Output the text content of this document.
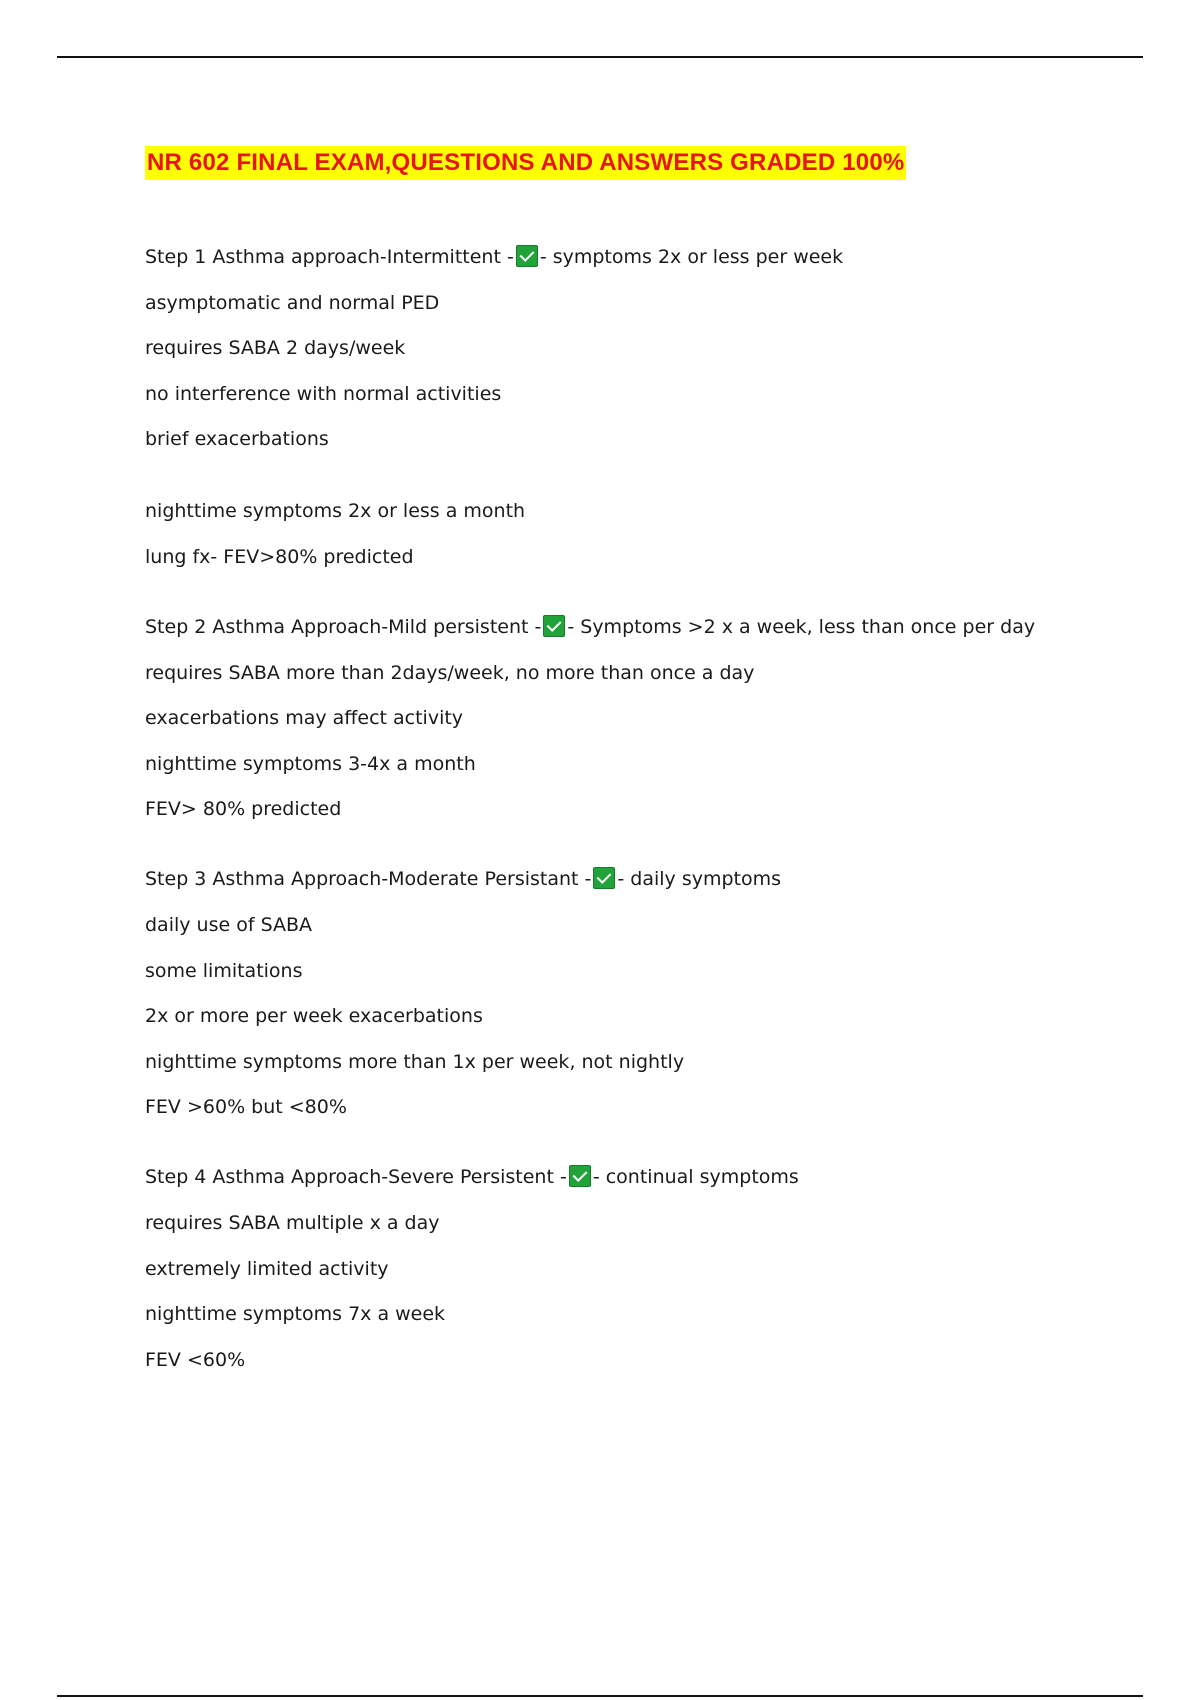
NR 602 FINAL EXAM,QUESTIONS AND ANSWERS GRADED 100%
Step 1 Asthma approach-Intermittent - - symptoms 2x or less per week
asymptomatic and normal PED
requires SABA 2 days/week
no interference with normal activities
brief exacerbations
nighttime symptoms 2x or less a month
lung fx- FEV>80% predicted
Step 2 Asthma Approach-Mild persistent - - Symptoms >2 x a week, less than once per day
requires SABA more than 2days/week, no more than once a day
exacerbations may affect activity
nighttime symptoms 3-4x a month
FEV> 80% predicted
Step 3 Asthma Approach-Moderate Persistant - - daily symptoms
daily use of SABA
some limitations
2x or more per week exacerbations
nighttime symptoms more than 1x per week, not nightly
FEV >60% but <80%
Step 4 Asthma Approach-Severe Persistent - - continual symptoms
requires SABA multiple x a day
extremely limited activity
nighttime symptoms 7x a week
FEV <60%
